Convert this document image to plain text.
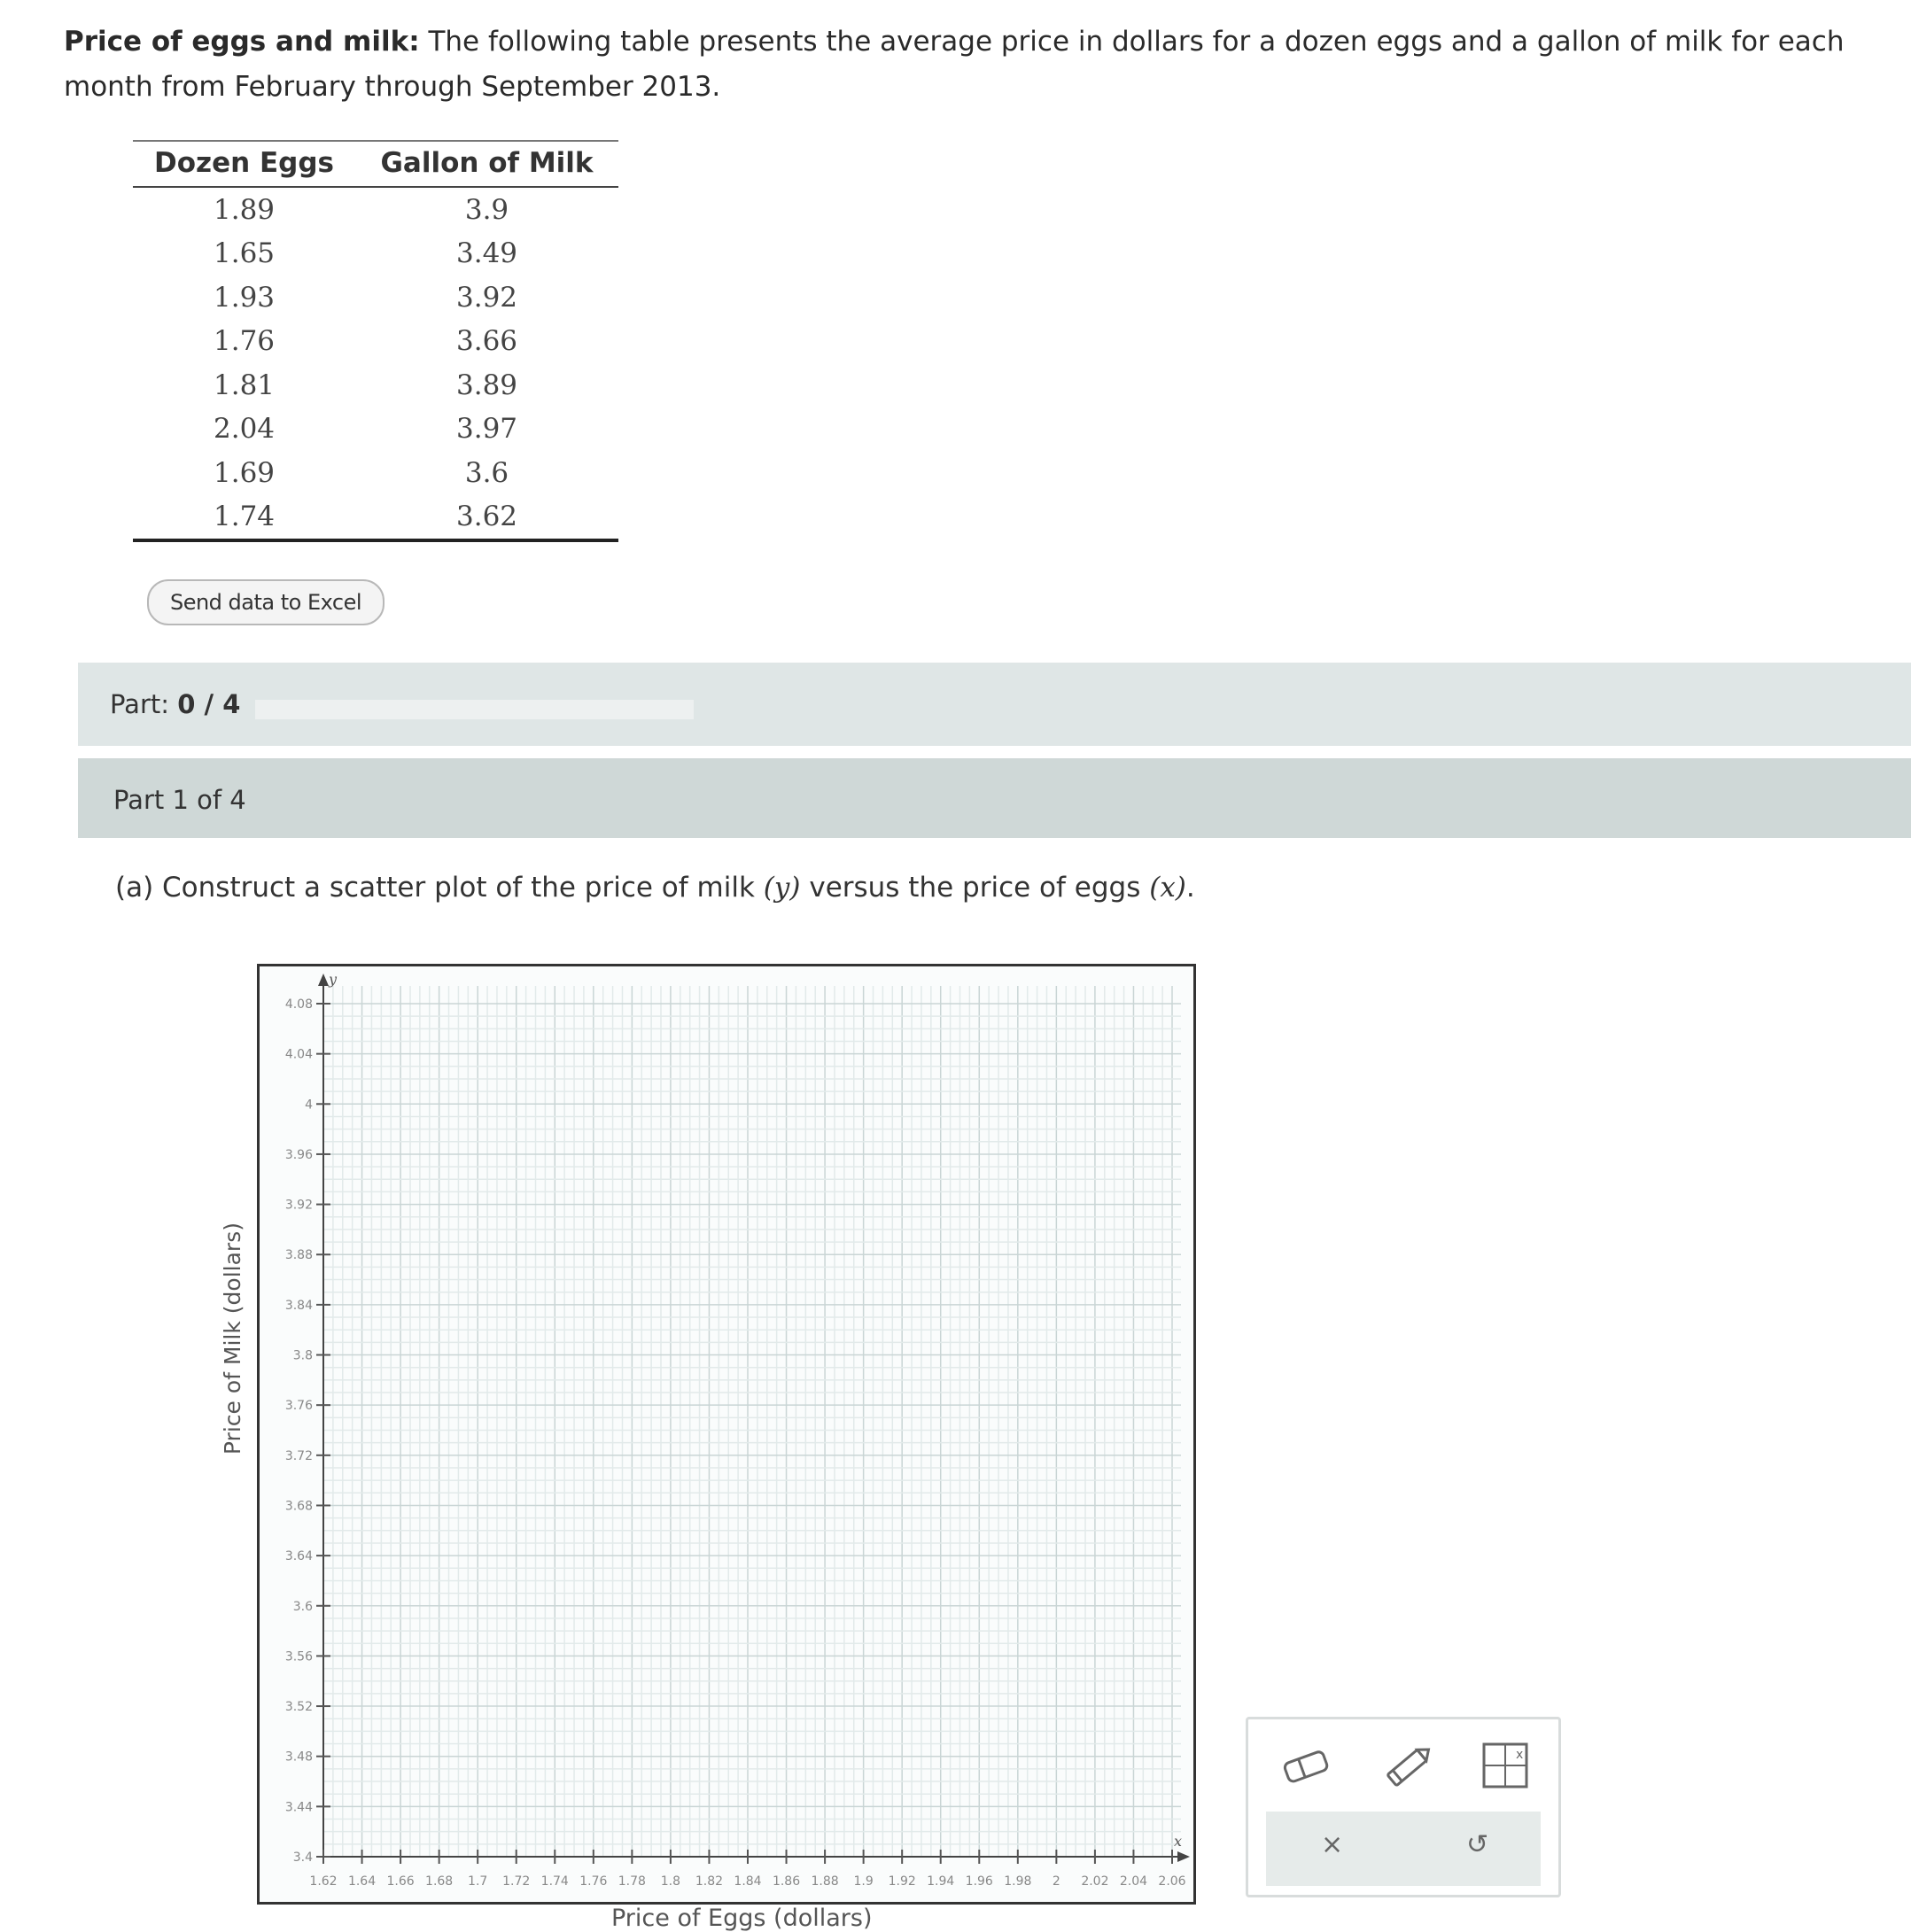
Price of eggs and milk: The following table presents the average price in dollars for a dozen eggs and a gallon of milk for each month from February through September 2013.
Dozen Eggs	Gallon of Milk
1.89	3.9
1.65	3.49
1.93	3.92
1.76	3.66
1.81	3.89
2.04	3.97
1.69	3.6
1.74	3.62
Send data to Excel
Part: 0 / 4
Part 1 of 4
(a) Construct a scatter plot of the price of milk (y) versus the price of eggs (x).
x
y
1.62 1.64 1.66 1.68 1.7 1.72 1.74 1.76 1.78 1.8 1.82 1.84 1.86 1.88 1.9 1.92 1.94 1.96 1.98 2 2.02 2.04 2.06
3.4
3.44
3.48
3.52
3.56
3.6
3.64
3.68
3.72
3.76
3.8
3.84
3.88
3.92
3.96
4
4.04
4.08
Price of Milk (dollars)
Price of Eggs (dollars)
x
×	↺
